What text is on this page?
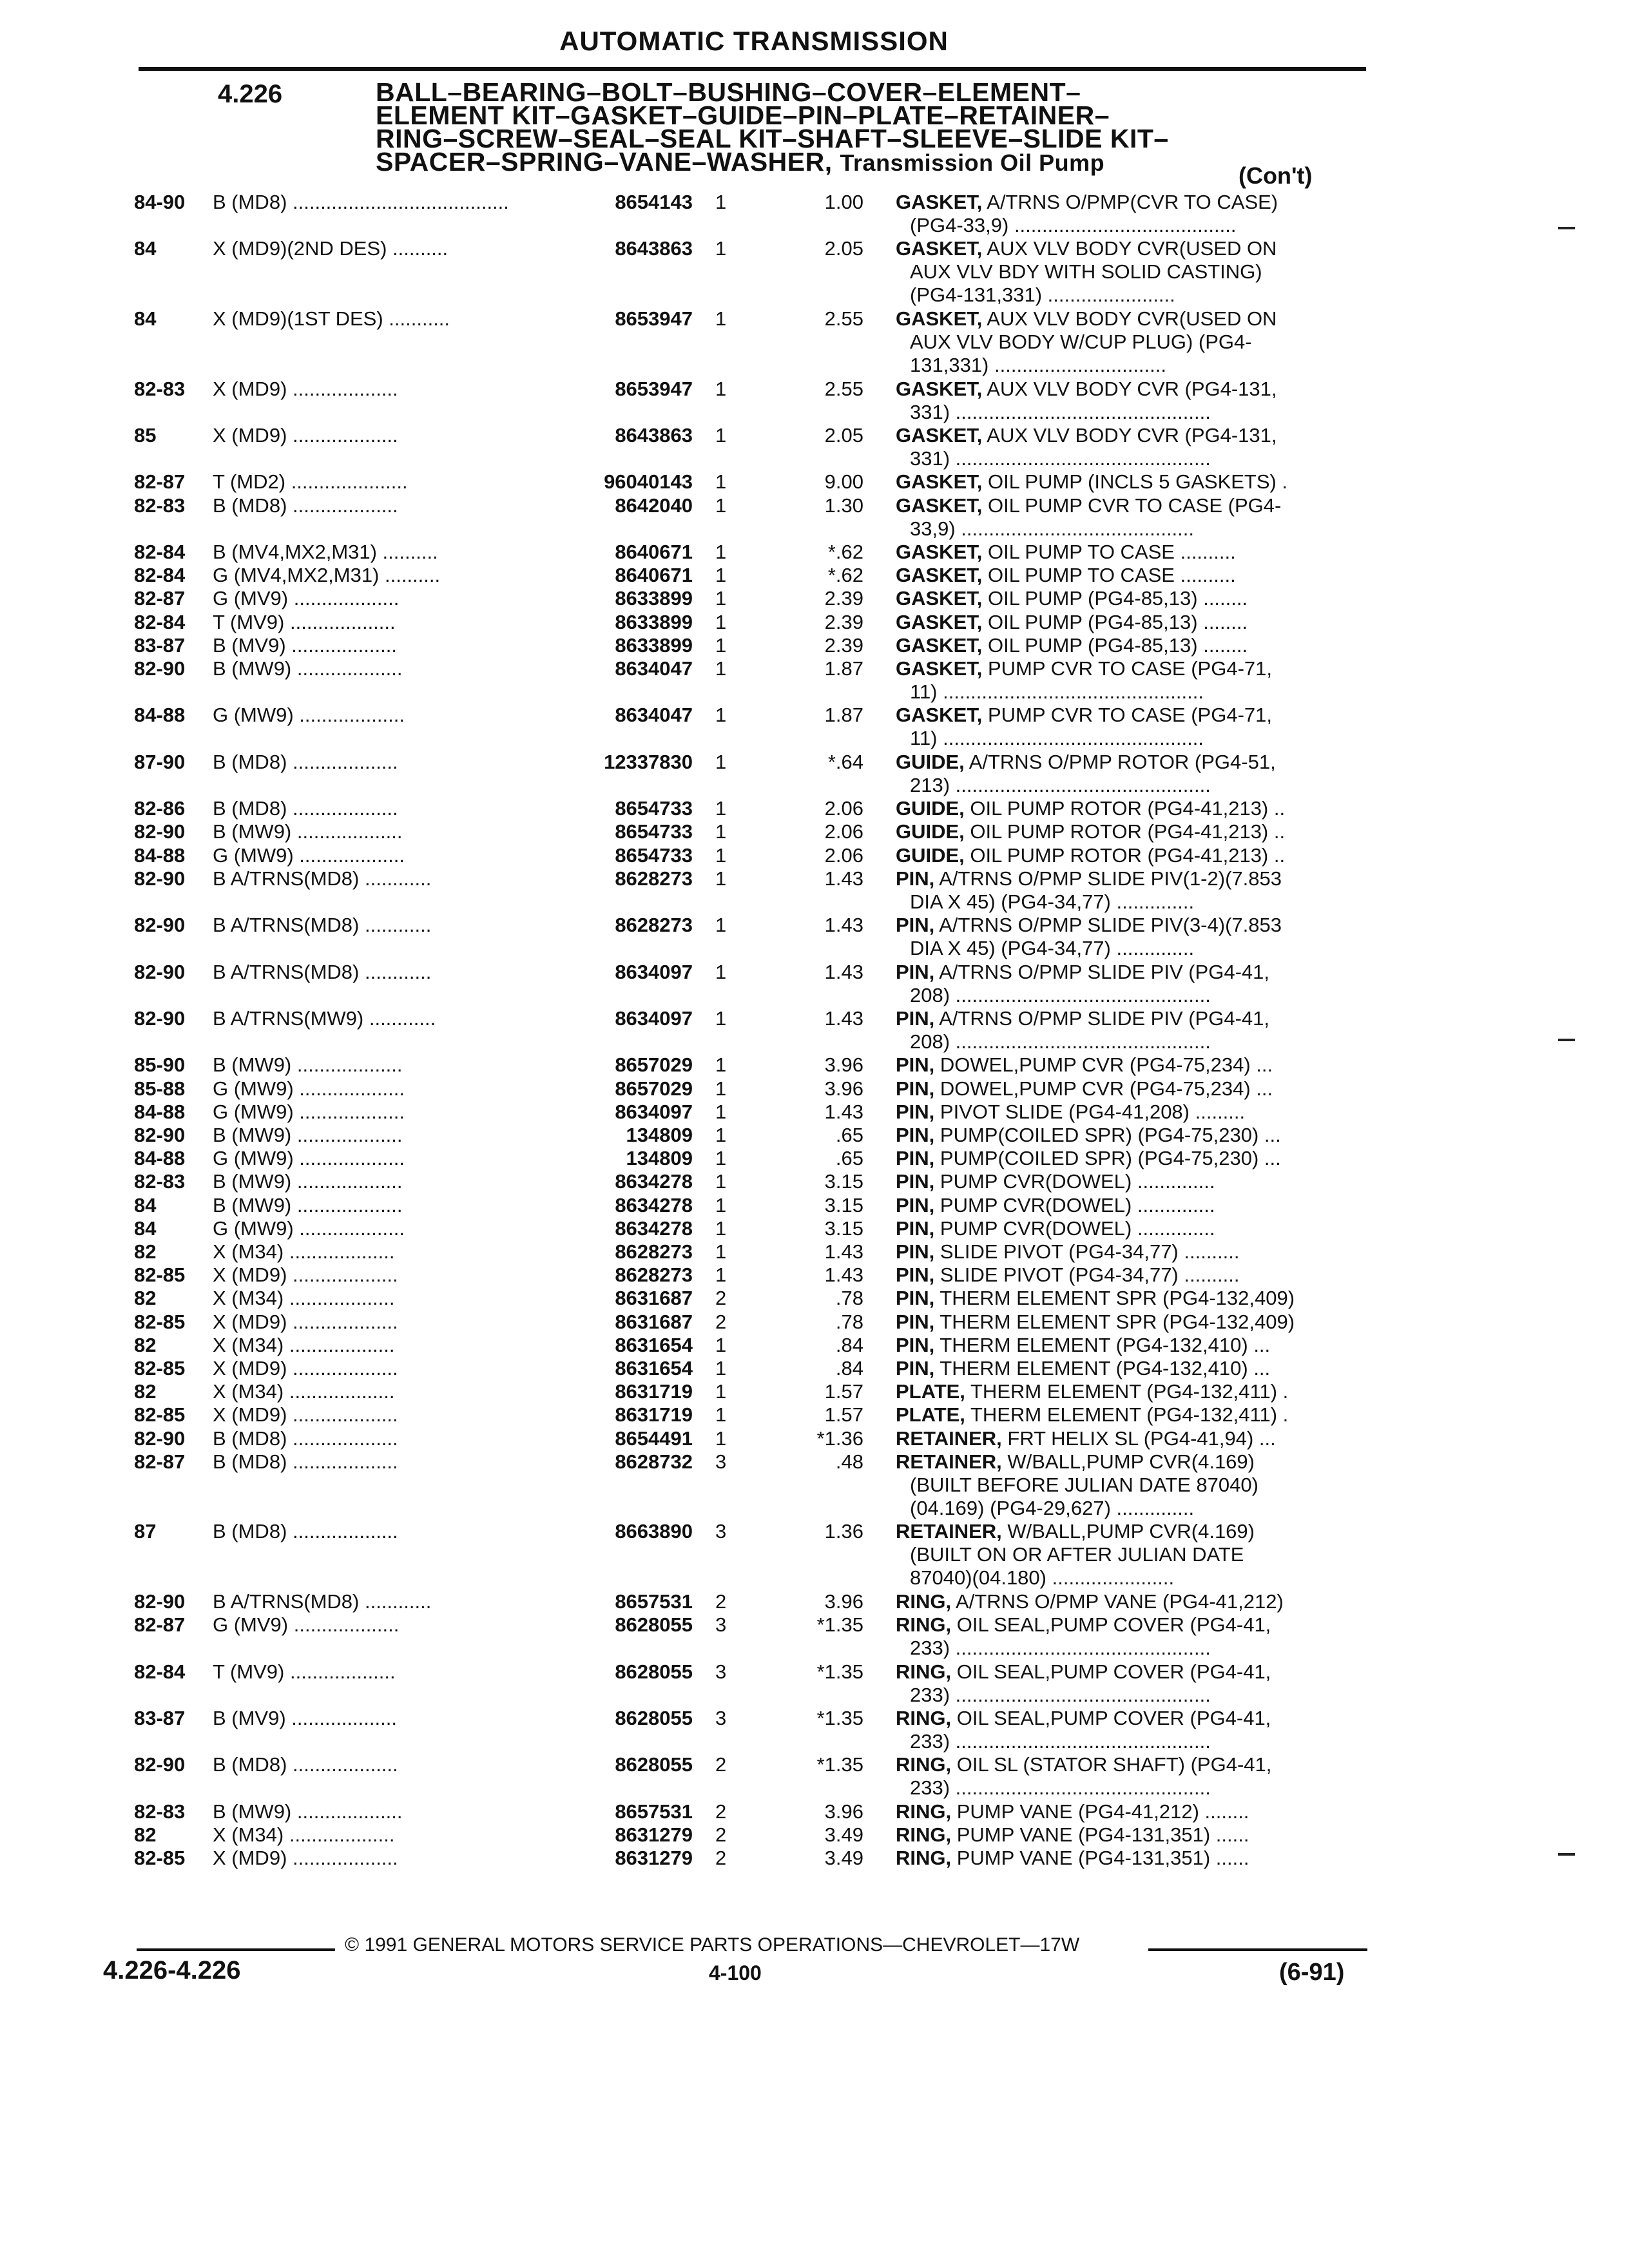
AUTOMATIC TRANSMISSION
4.226	BALL–BEARING–BOLT–BUSHING–COVER–ELEMENT–
ELEMENT KIT–GASKET–GUIDE–PIN–PLATE–RETAINER–
RING–SCREW–SEAL–SEAL KIT–SHAFT–SLEEVE–SLIDE KIT–
SPACER–SPRING–VANE–WASHER, Transmission Oil Pump	(Con't)
84-90 B (MD8) .......................................	8654143 1	1.00 GASKET, A/TRNS O/PMP(CVR TO CASE)
(PG4-33,9) ........................................
84	X (MD9)(2ND DES) ..........	8643863 1	2.05 GASKET, AUX VLV BODY CVR(USED ON
AUX VLV BDY WITH SOLID CASTING)
(PG4-131,331) .......................
84	X (MD9)(1ST DES) ...........	8653947 1	2.55 GASKET, AUX VLV BODY CVR(USED ON
AUX VLV BODY W/CUP PLUG) (PG4-
131,331) ...............................
82-83 X (MD9) ...................	8653947 1	2.55 GASKET, AUX VLV BODY CVR (PG4-131,
331) ..............................................
85	X (MD9) ...................	8643863 1	2.05 GASKET, AUX VLV BODY CVR (PG4-131,
331) ..............................................
82-87 T (MD2) .....................	96040143 1	9.00 GASKET, OIL PUMP (INCLS 5 GASKETS) .
82-83 B (MD8) ...................	8642040 1	1.30 GASKET, OIL PUMP CVR TO CASE (PG4-
33,9) ..........................................
82-84 B (MV4,MX2,M31) ..........	8640671 1	*.62 GASKET, OIL PUMP TO CASE ..........
82-84 G (MV4,MX2,M31) ..........	8640671 1	*.62 GASKET, OIL PUMP TO CASE ..........
82-87 G (MV9) ...................	8633899 1	2.39 GASKET, OIL PUMP (PG4-85,13) ........
82-84 T (MV9) ...................	8633899 1	2.39 GASKET, OIL PUMP (PG4-85,13) ........
83-87 B (MV9) ...................	8633899 1	2.39 GASKET, OIL PUMP (PG4-85,13) ........
82-90 B (MW9) ...................	8634047 1	1.87 GASKET, PUMP CVR TO CASE (PG4-71,
11) ...............................................
84-88 G (MW9) ...................	8634047 1	1.87 GASKET, PUMP CVR TO CASE (PG4-71,
11) ...............................................
87-90 B (MD8) ...................	12337830 1	*.64 GUIDE, A/TRNS O/PMP ROTOR (PG4-51,
213) ..............................................
82-86 B (MD8) ...................	8654733 1	2.06 GUIDE, OIL PUMP ROTOR (PG4-41,213) ..
82-90 B (MW9) ...................	8654733 1	2.06 GUIDE, OIL PUMP ROTOR (PG4-41,213) ..
84-88 G (MW9) ...................	8654733 1	2.06 GUIDE, OIL PUMP ROTOR (PG4-41,213) ..
82-90 B A/TRNS(MD8) ............	8628273 1	1.43 PIN, A/TRNS O/PMP SLIDE PIV(1-2)(7.853
DIA X 45) (PG4-34,77) ..............
82-90 B A/TRNS(MD8) ............	8628273 1	1.43 PIN, A/TRNS O/PMP SLIDE PIV(3-4)(7.853
DIA X 45) (PG4-34,77) ..............
82-90 B A/TRNS(MD8) ............	8634097 1	1.43 PIN, A/TRNS O/PMP SLIDE PIV (PG4-41,
208) ..............................................
82-90 B A/TRNS(MW9) ............	8634097 1	1.43 PIN, A/TRNS O/PMP SLIDE PIV (PG4-41,
208) ..............................................
85-90 B (MW9) ...................	8657029 1	3.96 PIN, DOWEL,PUMP CVR (PG4-75,234) ...
85-88 G (MW9) ...................	8657029 1	3.96 PIN, DOWEL,PUMP CVR (PG4-75,234) ...
84-88 G (MW9) ...................	8634097 1	1.43 PIN, PIVOT SLIDE (PG4-41,208) .........
82-90 B (MW9) ...................	134809 1	.65 PIN, PUMP(COILED SPR) (PG4-75,230) ...
84-88 G (MW9) ...................	134809 1	.65 PIN, PUMP(COILED SPR) (PG4-75,230) ...
82-83 B (MW9) ...................	8634278 1	3.15 PIN, PUMP CVR(DOWEL) ..............
84	B (MW9) ...................	8634278 1	3.15 PIN, PUMP CVR(DOWEL) ..............
84	G (MW9) ...................	8634278 1	3.15 PIN, PUMP CVR(DOWEL) ..............
82	X (M34) ...................	8628273 1	1.43 PIN, SLIDE PIVOT (PG4-34,77) ..........
82-85 X (MD9) ...................	8628273 1	1.43 PIN, SLIDE PIVOT (PG4-34,77) ..........
82	X (M34) ...................	8631687 2	.78 PIN, THERM ELEMENT SPR (PG4-132,409)
82-85 X (MD9) ...................	8631687 2	.78 PIN, THERM ELEMENT SPR (PG4-132,409)
82	X (M34) ...................	8631654 1	.84 PIN, THERM ELEMENT (PG4-132,410) ...
82-85 X (MD9) ...................	8631654 1	.84 PIN, THERM ELEMENT (PG4-132,410) ...
82	X (M34) ...................	8631719 1	1.57 PLATE, THERM ELEMENT (PG4-132,411) .
82-85 X (MD9) ...................	8631719 1	1.57 PLATE, THERM ELEMENT (PG4-132,411) .
82-90 B (MD8) ...................	8654491 1	*1.36 RETAINER, FRT HELIX SL (PG4-41,94) ...
82-87 B (MD8) ...................	8628732 3	.48 RETAINER, W/BALL,PUMP CVR(4.169)
(BUILT BEFORE JULIAN DATE 87040)
(04.169) (PG4-29,627) ..............
87	B (MD8) ...................	8663890 3	1.36 RETAINER, W/BALL,PUMP CVR(4.169)
(BUILT ON OR AFTER JULIAN DATE
87040)(04.180) ......................
82-90 B A/TRNS(MD8) ............	8657531 2	3.96 RING, A/TRNS O/PMP VANE (PG4-41,212)
82-87 G (MV9) ...................	8628055 3	*1.35 RING, OIL SEAL,PUMP COVER (PG4-41,
233) ..............................................
82-84 T (MV9) ...................	8628055 3	*1.35 RING, OIL SEAL,PUMP COVER (PG4-41,
233) ..............................................
83-87 B (MV9) ...................	8628055 3	*1.35 RING, OIL SEAL,PUMP COVER (PG4-41,
233) ..............................................
82-90 B (MD8) ...................	8628055 2	*1.35 RING, OIL SL (STATOR SHAFT) (PG4-41,
233) ..............................................
82-83 B (MW9) ...................	8657531 2	3.96 RING, PUMP VANE (PG4-41,212) ........
82	X (M34) ...................	8631279 2	3.49 RING, PUMP VANE (PG4-131,351) ......
82-85 X (MD9) ...................	8631279 2	3.49 RING, PUMP VANE (PG4-131,351) ......
© 1991 GENERAL MOTORS SERVICE PARTS OPERATIONS—CHEVROLET—17W
4.226-4.226	4-100	(6-91)
